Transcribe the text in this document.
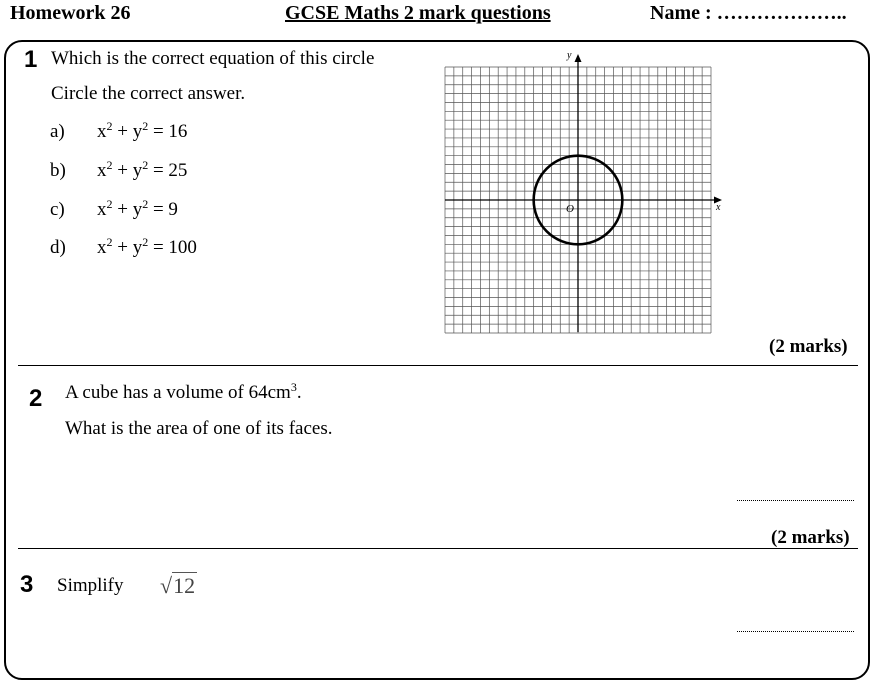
Homework 26	GCSE Maths 2 mark questions	Name : ………………..
1 Which is the correct equation of this circle
Circle the correct answer.
a) $x^2 + y^2 = 16$
b) $x^2 + y^2 = 25$
c) $x^2 + y^2 = 9$
d) $x^2 + y^2 = 100$
x
y
O
(2 marks)
2 A cube has a volume of $64cm^3$.
What is the area of one of its faces.
(2 marks)
3 Simplify √12
